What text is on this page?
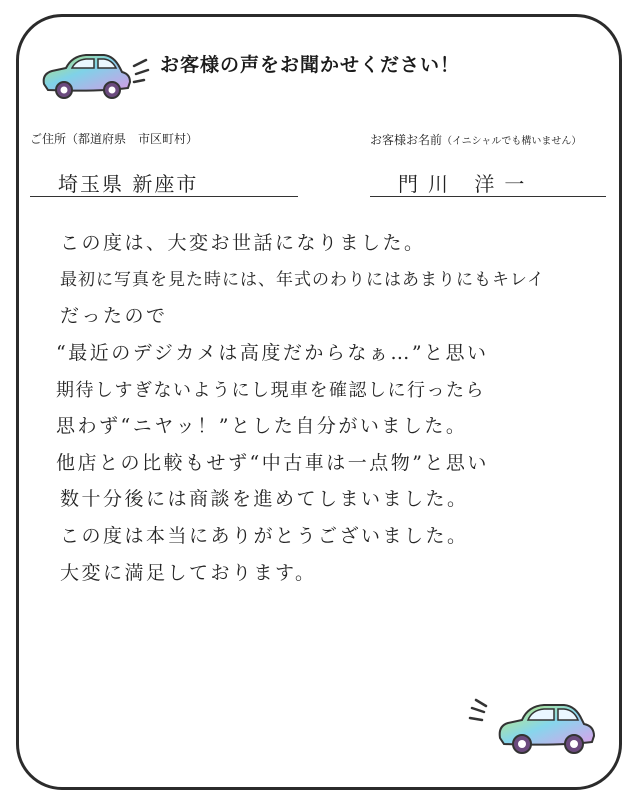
お客様の声をお聞かせください！
ご住所（都道府県　市区町村）	お客様お名前（イニシャルでも構いません）
埼玉県 新座市	門川 洋一
この度は、大変お世話になりました。
最初に写真を見た時には、年式のわりにはあまりにもキレイ
だったので
“最近のデジカメは高度だからなぁ…”と思い
期待しすぎないようにし現車を確認しに行ったら
思わず“ニヤッ！”とした自分がいました。
他店との比較もせず“中古車は一点物”と思い
数十分後には商談を進めてしまいました。
この度は本当にありがとうございました。
大変に満足しております。
